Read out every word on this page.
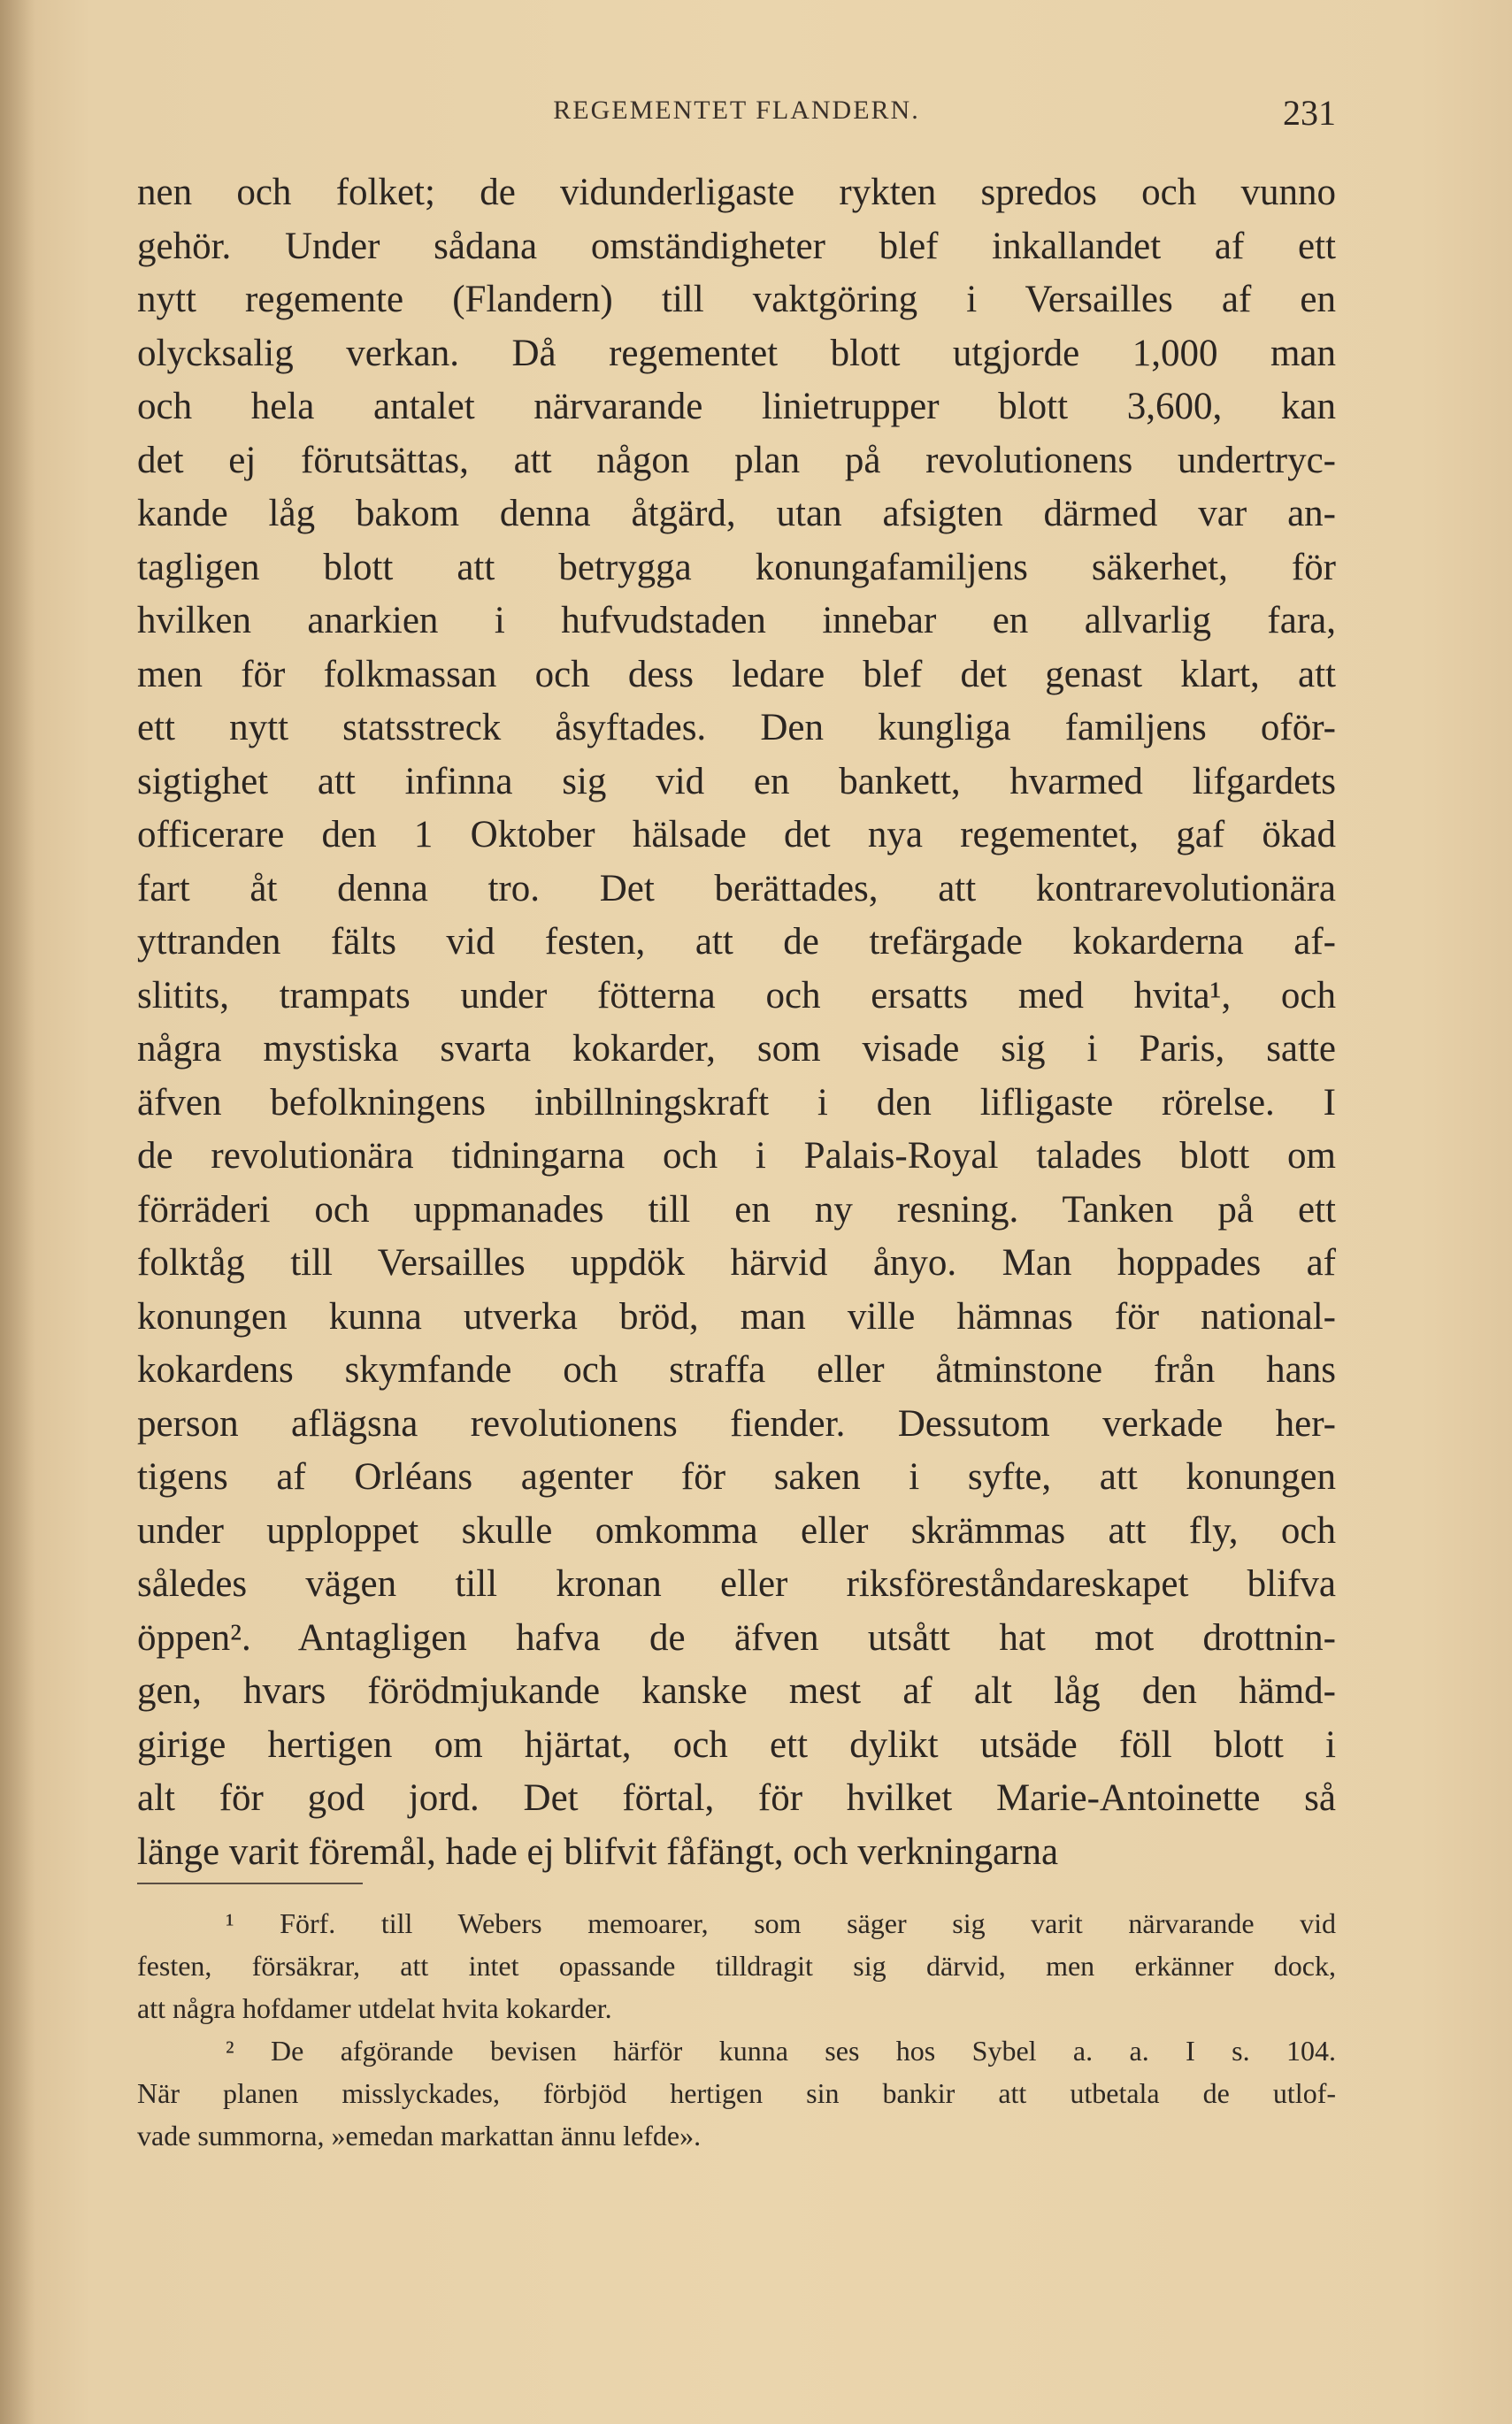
REGEMENTET FLANDERN.	231
nen och folket; de vidunderligaste rykten spredos och vunno
gehör. Under sådana omständigheter blef inkallandet af ett
nytt regemente (Flandern) till vaktgöring i Versailles af en
olycksalig verkan. Då regementet blott utgjorde 1,000 man
och hela antalet närvarande linietrupper blott 3,600, kan
det ej förutsättas, att någon plan på revolutionens undertryc-
kande låg bakom denna åtgärd, utan afsigten därmed var an-
tagligen blott att betrygga konungafamiljens säkerhet, för
hvilken anarkien i hufvudstaden innebar en allvarlig fara,
men för folkmassan och dess ledare blef det genast klart, att
ett nytt statsstreck åsyftades. Den kungliga familjens oför-
sigtighet att infinna sig vid en bankett, hvarmed lifgardets
officerare den 1 Oktober hälsade det nya regementet, gaf ökad
fart åt denna tro. Det berättades, att kontrarevolutionära
yttranden fälts vid festen, att de trefärgade kokarderna af-
slitits, trampats under fötterna och ersatts med hvita¹, och
några mystiska svarta kokarder, som visade sig i Paris, satte
äfven befolkningens inbillningskraft i den lifligaste rörelse. I
de revolutionära tidningarna och i Palais-Royal talades blott om
förräderi och uppmanades till en ny resning. Tanken på ett
folktåg till Versailles uppdök härvid ånyo. Man hoppades af
konungen kunna utverka bröd, man ville hämnas för national-
kokardens skymfande och straffa eller åtminstone från hans
person aflägsna revolutionens fiender. Dessutom verkade her-
tigens af Orléans agenter för saken i syfte, att konungen
under upploppet skulle omkomma eller skrämmas att fly, och
således vägen till kronan eller riksföreståndareskapet blifva
öppen². Antagligen hafva de äfven utsått hat mot drottnin-
gen, hvars förödmjukande kanske mest af alt låg den hämd-
girige hertigen om hjärtat, och ett dylikt utsäde föll blott i
alt för god jord. Det förtal, för hvilket Marie-Antoinette så
länge varit föremål, hade ej blifvit fåfängt, och verkningarna
¹ Förf. till Webers memoarer, som säger sig varit närvarande vid
festen, försäkrar, att intet opassande tilldragit sig därvid, men erkänner dock,
att några hofdamer utdelat hvita kokarder.
² De afgörande bevisen härför kunna ses hos Sybel a. a. I s. 104.
När planen misslyckades, förbjöd hertigen sin bankir att utbetala de utlof-
vade summorna, »emedan markattan ännu lefde».
